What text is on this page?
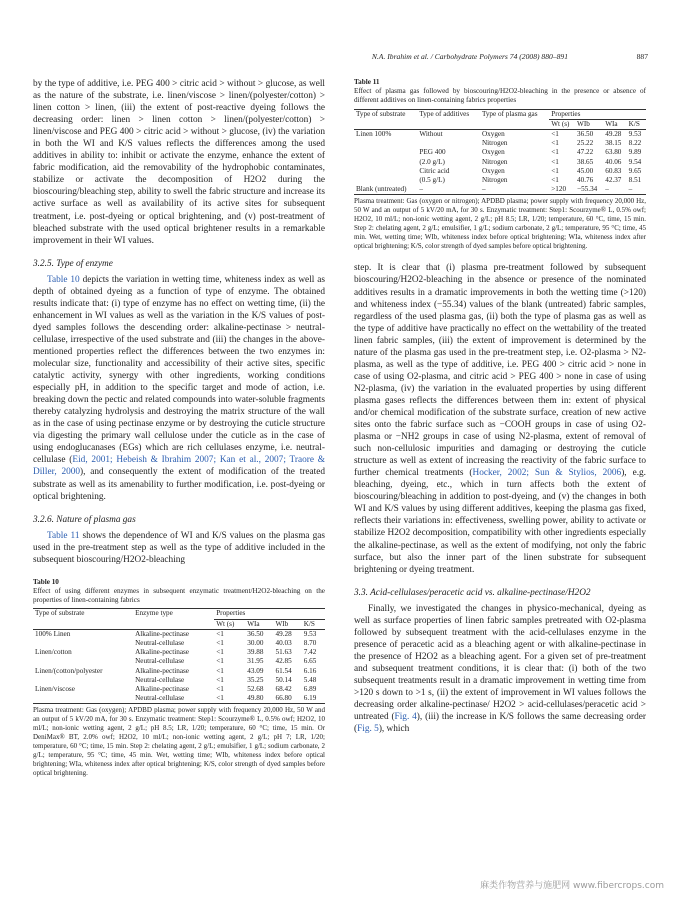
N.A. Ibrahim et al. / Carbohydrate Polymers 74 (2008) 880–891	887

by the type of additive, i.e. PEG 400 > citric acid > without > glucose, as well as the nature of the substrate, i.e. linen/viscose > linen/(polyester/cotton) > linen cotton > linen, (iii) the extent of post-reactive dyeing follows the decreasing order: linen > linen cotton > linen/(polyester/cotton) > linen/viscose and PEG 400 > citric acid > without > glucose, (iv) the variation in both the WI and K/S values reflects the differences among the used additives in ability to: inhibit or activate the enzyme, enhance the extent of fabric modification, aid the removability of the hydrophobic contaminates, stabilize or activate the decomposition of H2O2 during the bioscouring/bleaching step, ability to swell the fabric structure and increase its active surface as well as availability of its active sites for subsequent treatment, i.e. post-dyeing or optical brightening, and (v) post-treatment of bleached substrate with the used optical brightener results in a remarkable improvement in their WI values.

3.2.5. Type of enzyme

Table 10 depicts the variation in wetting time, whiteness index as well as depth of obtained dyeing as a function of type of enzyme. The obtained results indicate that: (i) type of enzyme has no effect on wetting time, (ii) the enhancement in WI values as well as the variation in the K/S values of post-dyed samples follows the descending order: alkaline-pectinase > neutral-cellulase, irrespective of the used substrate and (iii) the changes in the above-mentioned properties reflect the differences between the two enzymes in: molecular size, functionality and accessibility of their active sites, specific catalytic activity, synergy with other ingredients, working conditions especially pH, in addition to the specific target and mode of action, i.e. breaking down the pectic and related compounds into water-soluble fragments thereby catalyzing hydrolysis and destroying the matrix structure of the wall as in the case of using pectinase enzyme or by destroying the cuticle structure via digesting the primary wall cellulose under the cuticle as in the case of using endoglucanases (EGs) which are rich cellulases enzyme, i.e. neutral-cellulase (Eid, 2001; Hebeish & Ibrahim 2007; Kan et al., 2007; Traore & Diller, 2000), and consequently the extent of modification of the treated substrate as well as its amenability to further modification, i.e. post-dyeing or optical brightening.

3.2.6. Nature of plasma gas

Table 11 shows the dependence of WI and K/S values on the plasma gas used in the pre-treatment step as well as the type of additive included in the subsequent bioscouring/H2O2-bleaching

Table 10
Effect of using different enzymes in subsequent enzymatic treatment/H2O2-bleaching on the properties of linen-containing fabrics
Type of substrate	Enzyme type	Properties			
		Wt (s)	WIa	WIb	K/S
100% Linen	Alkaline-pectinase	<1	36.50	49.28	9.53
	Neutral-cellulase	<1	30.00	40.03	8.70
Linen/cotton	Alkaline-pectinase	<1	39.88	51.63	7.42
	Neutral-cellulase	<1	31.95	42.85	6.65
Linen/(cotton/polyester	Alkaline-pectinase	<1	43.09	61.54	6.16
	Neutral-cellulase	<1	35.25	50.14	5.48
Linen/viscose	Alkaline-pectinase	<1	52.68	68.42	6.89
	Neutral-cellulase	<1	49.80	66.80	6.19
Plasma treatment: Gas (oxygen); APDBD plasma; power supply with frequency 20,000 Hz, 50 W and an output of 5 kV/20 mA, for 30 s. Enzymatic treatment: Step1: Scourzyme® L, 0.5% owf; H2O2, 10 ml/L; non-ionic wetting agent, 2 g/L; pH 8.5; LR, 1/20; temperature, 60 °C; time, 15 min. Or DeniMax® BT, 2.0% owf; H2O2, 10 ml/L; non-ionic wetting agent, 2 g/L; pH 7; LR, 1/20; temperature, 60 °C; time, 15 min. Step 2: chelating agent, 2 g/L; emulsifier, 1 g/L; sodium carbonate, 2 g/L; temperature, 95 °C; time, 45 min. Wet, wetting time; WIb, whiteness index before optical brightening; WIa, whiteness index after optical brightening; K/S, color strength of dyed samples before optical brightening.
Table 11
Effect of plasma gas followed by bioscouring/H2O2-bleaching in the presence or absence of different additives on linen-containing fabrics properties
Type of substrate	Type of additives	Type of plasma gas	Properties			
			Wt (s)	WIb	WIa	K/S
Linen 100%	Without	Oxygen	<1	36.50	49.28	9.53
		Nitrogen	<1	25.22	38.15	8.22
	PEG 400	Oxygen	<1	47.22	63.80	9.89
	(2.0 g/L)	Nitrogen	<1	38.65	40.06	9.54
	Citric acid	Oxygen	<1	45.00	60.83	9.65
	(0.5 g/L)	Nitrogen	<1	40.76	42.37	8.51
Blank (untreated)	–	–	>120	−55.34	–	–
Plasma treatment: Gas (oxygen or nitrogen); APDBD plasma; power supply with frequency 20,000 Hz, 50 W and an output of 5 kV/20 mA, for 30 s. Enzymatic treatment: Step1: Scourzyme® L, 0.5% owf; H2O2, 10 ml/L; non-ionic wetting agent, 2 g/L; pH 8.5; LR, 1/20; temperature, 60 °C, time, 15 min. Step 2: chelating agent, 2 g/L; emulsifier, 1 g/L; sodium carbonate, 2 g/L; temperature, 95 °C; time, 45 min. Wet, wetting time; WIb, whiteness index before optical brightening; WIa, whiteness index after optical brightening; K/S, color strength of dyed samples before optical brightening.

step. It is clear that (i) plasma pre-treatment followed by subsequent bioscouring/H2O2-bleaching in the absence or presence of the nominated additives results in a dramatic improvements in both the wetting time (>120) and whiteness index (−55.34) values of the blank (untreated) fabric samples, regardless of the used plasma gas, (ii) both the type of plasma gas as well as the type of additive have practically no effect on the wettability of the treated linen fabric samples, (iii) the extent of improvement is determined by the nature of the plasma gas used in the pre-treatment step, i.e. O2-plasma > N2-plasma, as well as the type of additive, i.e. PEG 400 > citric acid > none in case of using O2-plasma, and citric acid > PEG 400 > none in case of using N2-plasma, (iv) the variation in the evaluated properties by using different plasma gases reflects the differences between them in: extent of physical and/or chemical modification of the substrate surface, creation of new active sites onto the fabric surface such as −COOH groups in case of using O2-plasma or −NH2 groups in case of using N2-plasma, extent of removal of such non-cellulosic impurities and damaging or destroying the cuticle structure as well as extent of increasing the reactivity of the fabric surface to further chemical treatments (Hocker, 2002; Sun & Stylios, 2006), e.g. bleaching, dyeing, etc., which in turn affects both the extent of bioscouring/bleaching in addition to post-dyeing, and (v) the changes in both WI and K/S values by using different additives, keeping the plasma gas fixed, reflects their variations in: effectiveness, swelling power, ability to activate or stabilize H2O2 decomposition, compatibility with other ingredients especially the alkaline-pectinase, as well as the extent of modifying, not only the fabric surface, but also the inner part of the linen substrate for subsequent brightening or dyeing treatment.

3.3. Acid-cellulases/peracetic acid vs. alkaline-pectinase/H2O2

Finally, we investigated the changes in physico-mechanical, dyeing as well as surface properties of linen fabric samples pretreated with O2-plasma followed by subsequent treatment with the acid-cellulases enzyme in the presence of peracetic acid as a bleaching agent or with alkaline-pectinase in the presence of H2O2 as a bleaching agent. For a given set of pre-treatment and subsequent treatment conditions, it is clear that: (i) both of the two subsequent treatments result in a dramatic improvement in wetting time from >120 s down to >1 s, (ii) the extent of improvement in WI values follows the decreasing order alkaline-pectinase/ H2O2 > acid-cellulases/peracetic acid > untreated (Fig. 4), (iii) the increase in K/S follows the same decreasing order (Fig. 5), which

麻类作物营养与施肥网 www.fibercrops.com
